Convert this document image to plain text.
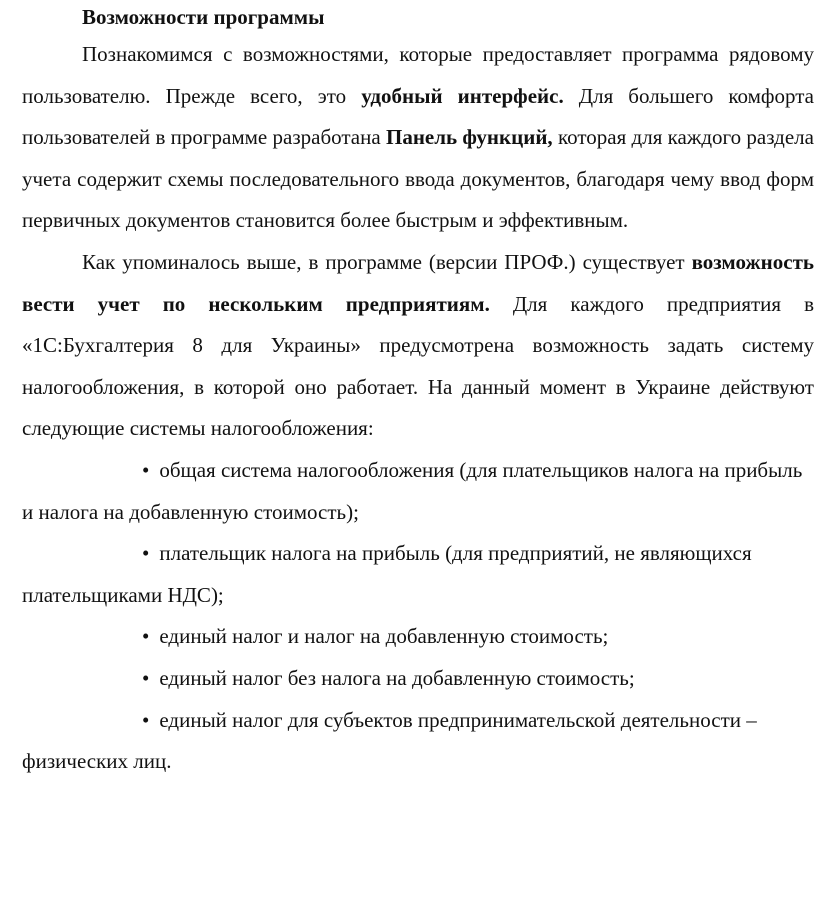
Возможности программы

Познакомимся с возможностями, которые предоставляет программа рядовому пользователю. Прежде всего, это удобный интерфейс. Для большего комфорта пользователей в программе разработана Панель функций, которая для каждого раздела учета содержит схемы последовательного ввода документов, благодаря чему ввод форм первичных документов становится более быстрым и эффективным.

Как упоминалось выше, в программе (версии ПРОФ.) существует возможность вести учет по нескольким предприятиям. Для каждого предприятия в «1С:Бухгалтерия 8 для Украины» предусмотрена возможность задать систему налогообложения, в которой оно работает. На данный момент в Украине действуют следующие системы налогообложения:

• общая система налогообложения (для плательщиков налога на прибыль и налога на добавленную стоимость);

• плательщик налога на прибыль (для предприятий, не являющихся плательщиками НДС);

• единый налог и налог на добавленную стоимость;

• единый налог без налога на добавленную стоимость;

• единый налог для субъектов предпринимательской деятельности – физических лиц.
